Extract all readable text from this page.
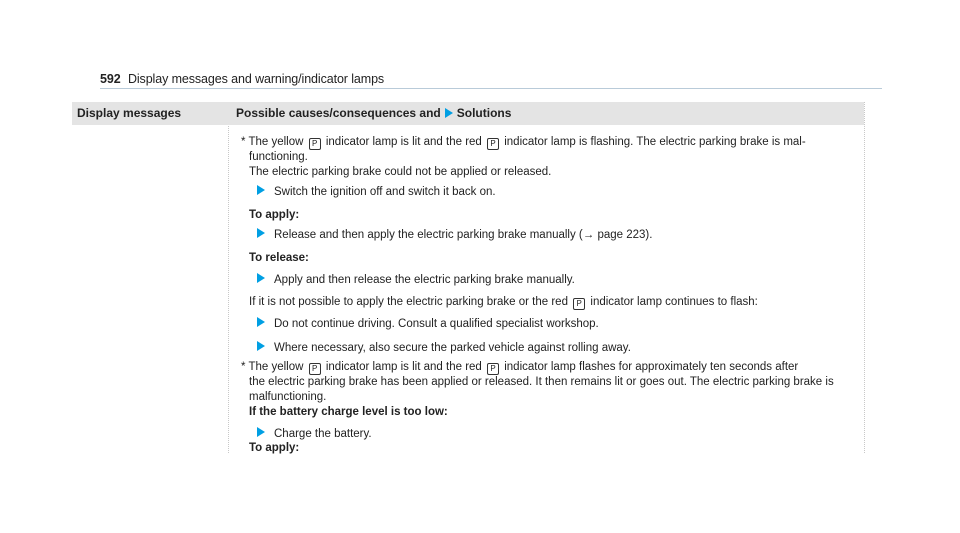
592 Display messages and warning/indicator lamps
Display messages	Possible causes/consequences and Solutions
* The yellow P indicator lamp is lit and the red P indicator lamp is flashing. The electric parking brake is mal-
functioning.
The electric parking brake could not be applied or released.
Switch the ignition off and switch it back on.
To apply:
Release and then apply the electric parking brake manually (→ page 223).
To release:
Apply and then release the electric parking brake manually.
If it is not possible to apply the electric parking brake or the red P indicator lamp continues to flash:
Do not continue driving. Consult a qualified specialist workshop.
Where necessary, also secure the parked vehicle against rolling away.
* The yellow P indicator lamp is lit and the red P indicator lamp flashes for approximately ten seconds after
the electric parking brake has been applied or released. It then remains lit or goes out. The electric parking brake is
malfunctioning.
If the battery charge level is too low:
Charge the battery.
To apply:
